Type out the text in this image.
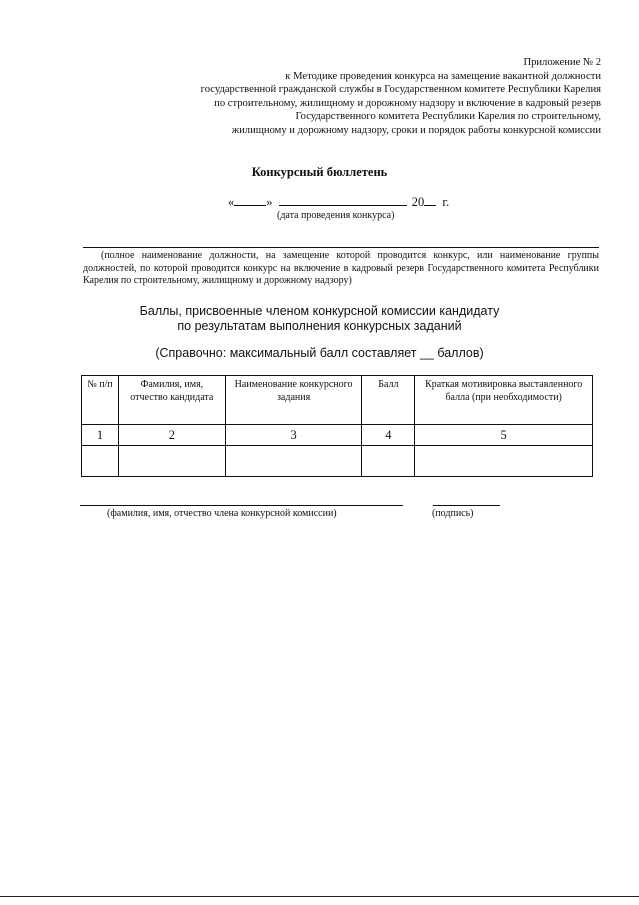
Приложение № 2
к Методике проведения конкурса на замещение вакантной должности
государственной гражданской службы в Государственном комитете Республики Карелия
по строительному, жилищному и дорожному надзору и включение в кадровый резерв
Государственного комитета Республики Карелия по строительному,
жилищному и дорожному надзору, сроки и порядок работы конкурсной комиссии
Конкурсный бюллетень
«	»	20 г.
(дата проведения конкурса)
(полное наименование должности, на замещение которой проводится конкурс, или наименование группы должностей, по которой проводится конкурс на включение в кадровый резерв Государственного комитета Республики Карелия по строительному, жилищному и дорожному надзору)
Баллы, присвоенные членом конкурсной комиссии кандидату
по результатам выполнения конкурсных заданий
(Справочно: максимальный балл составляет __ баллов)
№ п/п	Фамилия, имя, отчество кандидата	Наименование конкурсного задания	Балл	Краткая мотивировка выставленного балла (при необходимости)
1	2	3	4	5

(фамилия, имя, отчество члена конкурсной комиссии)	(подпись)
